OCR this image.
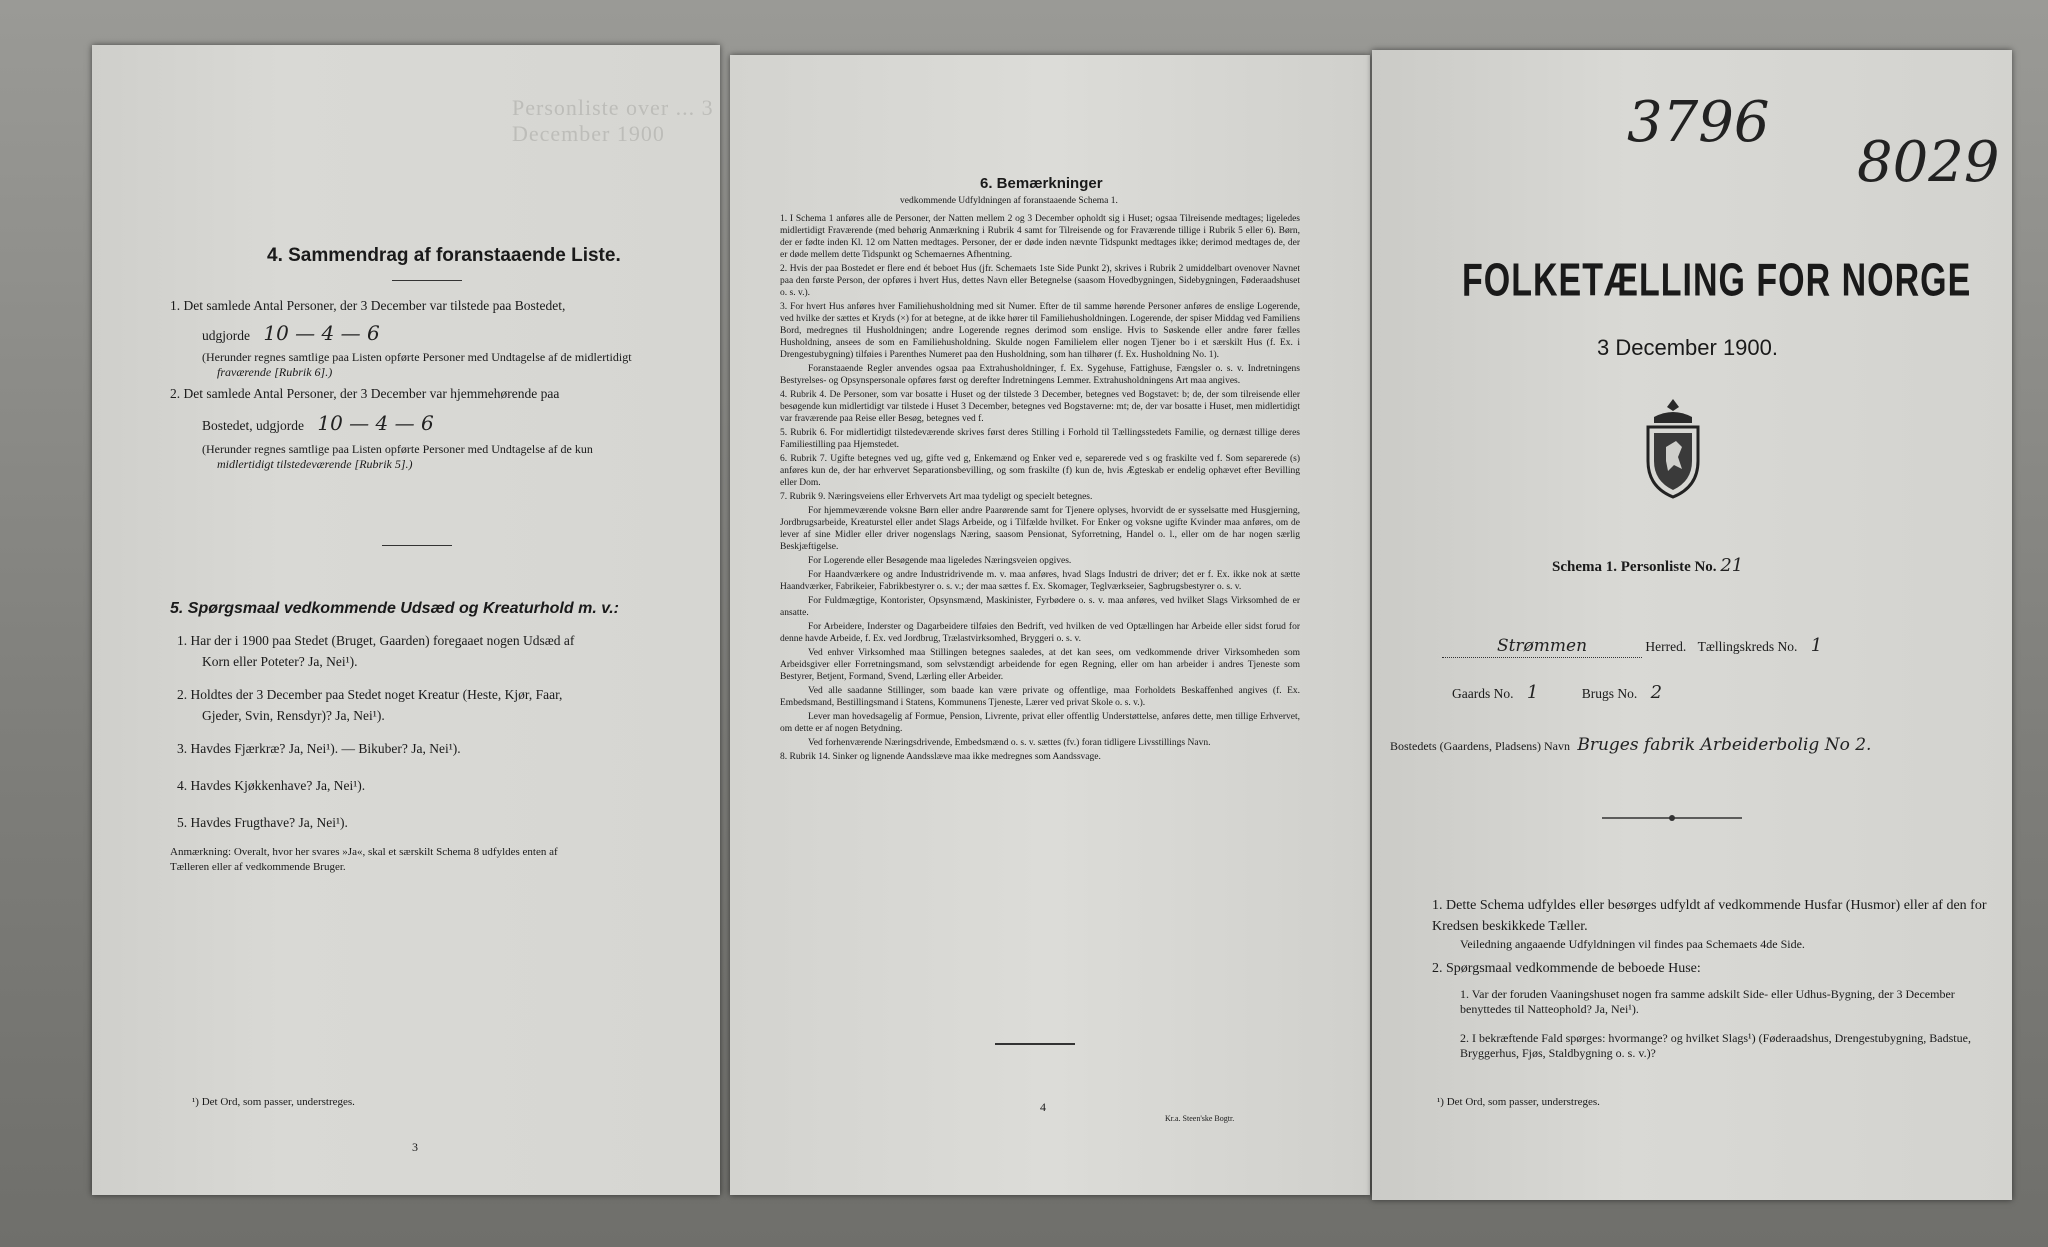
Personliste over ... 3 December 1900
4. Sammendrag af foranstaaende Liste.
1. Det samlede Antal Personer, der 3 December var tilstede paa Bostedet,
udgjorde 10 — 4 — 6
(Herunder regnes samtlige paa Listen opførte Personer med Undtagelse af de midlertidigt
fraværende [Rubrik 6].)
2. Det samlede Antal Personer, der 3 December var hjemmehørende paa
Bostedet, udgjorde 10 — 4 — 6
(Herunder regnes samtlige paa Listen opførte Personer med Undtagelse af de kun
midlertidigt tilstedeværende [Rubrik 5].)
5. Spørgsmaal vedkommende Udsæd og Kreaturhold m. v.:
1. Har der i 1900 paa Stedet (Bruget, Gaarden) foregaaet nogen Udsæd af
Korn eller Poteter? Ja, Nei¹).
2. Holdtes der 3 December paa Stedet noget Kreatur (Heste, Kjør, Faar,
Gjeder, Svin, Rensdyr)? Ja, Nei¹).
3. Havdes Fjærkræ? Ja, Nei¹). — Bikuber? Ja, Nei¹).
4. Havdes Kjøkkenhave? Ja, Nei¹).
5. Havdes Frugthave? Ja, Nei¹).
Anmærkning: Overalt, hvor her svares »Ja«, skal et særskilt Schema 8 udfyldes enten af
Tælleren eller af vedkommende Bruger.
¹) Det Ord, som passer, understreges.
3
6. Bemærkninger
vedkommende Udfyldningen af foranstaaende Schema 1.

1. I Schema 1 anføres alle de Personer, der Natten mellem 2 og 3 December opholdt sig i Huset; ogsaa Tilreisende medtages; ligeledes midlertidigt Fraværende (med behørig Anmærkning i Rubrik 4 samt for Tilreisende og for Fraværende tillige i Rubrik 5 eller 6). Børn, der er fødte inden Kl. 12 om Natten medtages. Personer, der er døde inden nævnte Tidspunkt medtages ikke; derimod medtages de, der er døde mellem dette Tidspunkt og Schemaernes Afhentning.

2. Hvis der paa Bostedet er flere end ét beboet Hus (jfr. Schemaets 1ste Side Punkt 2), skrives i Rubrik 2 umiddelbart ovenover Navnet paa den første Person, der opføres i hvert Hus, dettes Navn eller Betegnelse (saasom Hovedbygningen, Sidebygningen, Føderaadshuset o. s. v.).

3. For hvert Hus anføres hver Familiehusholdning med sit Numer. Efter de til samme hørende Personer anføres de enslige Logerende, ved hvilke der sættes et Kryds (×) for at betegne, at de ikke hører til Familiehusholdningen. Logerende, der spiser Middag ved Familiens Bord, medregnes til Husholdningen; andre Logerende regnes derimod som enslige. Hvis to Søskende eller andre fører fælles Husholdning, ansees de som en Familiehusholdning. Skulde nogen Familielem eller nogen Tjener bo i et særskilt Hus (f. Ex. i Drengestubygning) tilføies i Parenthes Numeret paa den Husholdning, som han tilhører (f. Ex. Husholdning No. 1).

Foranstaaende Regler anvendes ogsaa paa Extrahusholdninger, f. Ex. Sygehuse, Fattighuse, Fængsler o. s. v. Indretningens Bestyrelses- og Opsynspersonale opføres først og derefter Indretningens Lemmer. Extrahusholdningens Art maa angives.

4. Rubrik 4. De Personer, som var bosatte i Huset og der tilstede 3 December, betegnes ved Bogstavet: b; de, der som tilreisende eller besøgende kun midlertidigt var tilstede i Huset 3 December, betegnes ved Bogstaverne: mt; de, der var bosatte i Huset, men midlertidigt var fraværende paa Reise eller Besøg, betegnes ved f.

5. Rubrik 6. For midlertidigt tilstedeværende skrives først deres Stilling i Forhold til Tællingsstedets Familie, og dernæst tillige deres Familiestilling paa Hjemstedet.

6. Rubrik 7. Ugifte betegnes ved ug, gifte ved g, Enkemænd og Enker ved e, separerede ved s og fraskilte ved f. Som separerede (s) anføres kun de, der har erhvervet Separationsbevilling, og som fraskilte (f) kun de, hvis Ægteskab er endelig ophævet efter Bevilling eller Dom.

7. Rubrik 9. Næringsveiens eller Erhvervets Art maa tydeligt og specielt betegnes.

For hjemmeværende voksne Børn eller andre Paarørende samt for Tjenere oplyses, hvorvidt de er sysselsatte med Husgjerning, Jordbrugsarbeide, Kreaturstel eller andet Slags Arbeide, og i Tilfælde hvilket. For Enker og voksne ugifte Kvinder maa anføres, om de lever af sine Midler eller driver nogenslags Næring, saasom Pensionat, Syforretning, Handel o. l., eller om de har nogen særlig Beskjæftigelse.

For Logerende eller Besøgende maa ligeledes Næringsveien opgives.

For Haandværkere og andre Industridrivende m. v. maa anføres, hvad Slags Industri de driver; det er f. Ex. ikke nok at sætte Haandværker, Fabrikeier, Fabrikbestyrer o. s. v.; der maa sættes f. Ex. Skomager, Teglværkseier, Sagbrugsbestyrer o. s. v.

For Fuldmægtige, Kontorister, Opsynsmænd, Maskinister, Fyrbødere o. s. v. maa anføres, ved hvilket Slags Virksomhed de er ansatte.

For Arbeidere, Inderster og Dagarbeidere tilføies den Bedrift, ved hvilken de ved Optællingen har Arbeide eller sidst forud for denne havde Arbeide, f. Ex. ved Jordbrug, Trælastvirksomhed, Bryggeri o. s. v.

Ved enhver Virksomhed maa Stillingen betegnes saaledes, at det kan sees, om vedkommende driver Virksomheden som Arbeidsgiver eller Forretningsmand, som selvstændigt arbeidende for egen Regning, eller om han arbeider i andres Tjeneste som Bestyrer, Betjent, Formand, Svend, Lærling eller Arbeider.

Ved alle saadanne Stillinger, som baade kan være private og offentlige, maa Forholdets Beskaffenhed angives (f. Ex. Embedsmand, Bestillingsmand i Statens, Kommunens Tjeneste, Lærer ved privat Skole o. s. v.).

Lever man hovedsagelig af Formue, Pension, Livrente, privat eller offentlig Understøttelse, anføres dette, men tillige Erhvervet, om dette er af nogen Betydning.

Ved forhenværende Næringsdrivende, Embedsmænd o. s. v. sættes (fv.) foran tidligere Livsstillings Navn.

8. Rubrik 14. Sinker og lignende Aandsslæve maa ikke medregnes som Aandssvage.

4
Kr.a. Steen'ske Bogtr.
3796
8029
FOLKETÆLLING FOR NORGE
3 December 1900.
Schema 1. Personliste No. 21
Strømmen	Herred. Tællingskreds No. 1
Gaards No. 1	Brugs No. 2
Bostedets (Gaardens, Pladsens) Navn Bruges fabrik Arbeiderbolig No 2.
1. Dette Schema udfyldes eller besørges udfyldt af vedkommende Husfar (Husmor) eller af den for Kredsen beskikkede Tæller.
Veiledning angaaende Udfyldningen vil findes paa Schemaets 4de Side.
2. Spørgsmaal vedkommende de beboede Huse:
1. Var der foruden Vaaningshuset nogen fra samme adskilt Side- eller Udhus-Bygning, der 3 December benyttedes til Natteophold? Ja, Nei¹).
2. I bekræftende Fald spørges: hvormange? og hvilket Slags¹) (Føderaadshus, Drengestubygning, Badstue, Bryggerhus, Fjøs, Staldbygning o. s. v.)?
¹) Det Ord, som passer, understreges.
